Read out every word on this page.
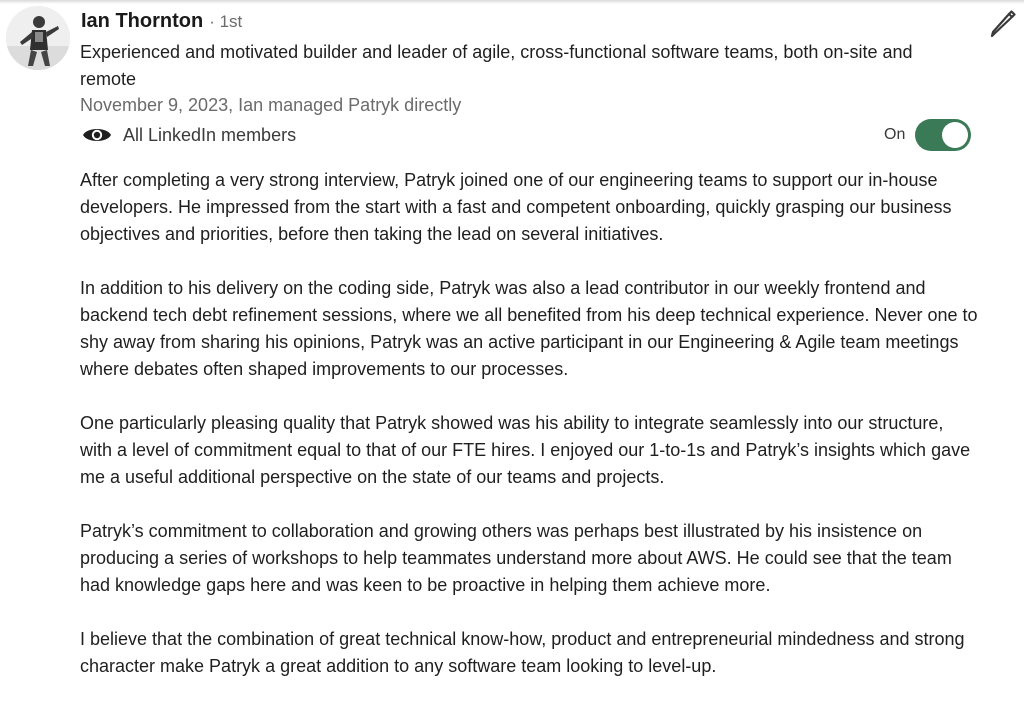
Ian Thornton · 1st
Experienced and motivated builder and leader of agile, cross-functional software teams, both on-site and remote
November 9, 2023, Ian managed Patryk directly
All LinkedIn members	On

After completing a very strong interview, Patryk joined one of our engineering teams to support our in-house developers. He impressed from the start with a fast and competent onboarding, quickly grasping our business objectives and priorities, before then taking the lead on several initiatives.

In addition to his delivery on the coding side, Patryk was also a lead contributor in our weekly frontend and backend tech debt refinement sessions, where we all benefited from his deep technical experience. Never one to shy away from sharing his opinions, Patryk was an active participant in our Engineering & Agile team meetings where debates often shaped improvements to our processes.

One particularly pleasing quality that Patryk showed was his ability to integrate seamlessly into our structure, with a level of commitment equal to that of our FTE hires. I enjoyed our 1-to-1s and Patryk’s insights which gave me a useful additional perspective on the state of our teams and projects.

Patryk’s commitment to collaboration and growing others was perhaps best illustrated by his insistence on producing a series of workshops to help teammates understand more about AWS. He could see that the team had knowledge gaps here and was keen to be proactive in helping them achieve more.

I believe that the combination of great technical know-how, product and entrepreneurial mindedness and strong character make Patryk a great addition to any software team looking to level-up.
